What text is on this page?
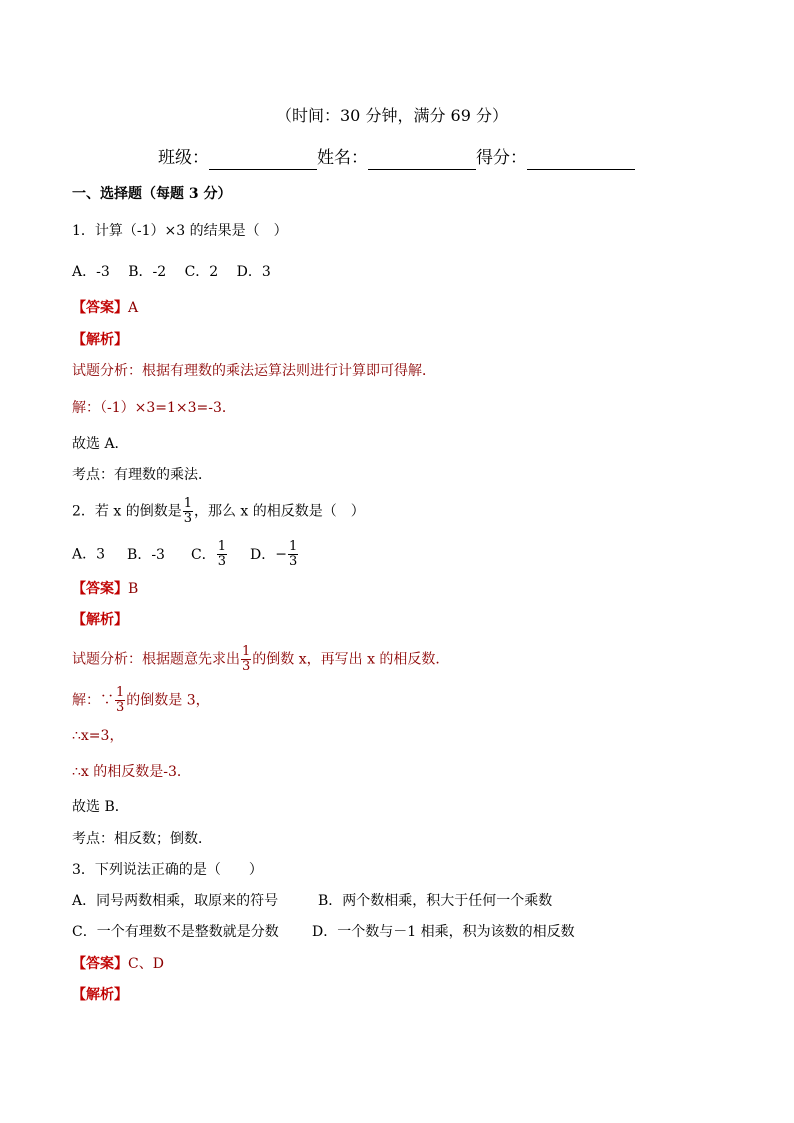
（时间：30 分钟，满分 69 分）
班级：	姓名：	得分：
一、选择题（每题 3 分）
1．计算（-1）×3 的结果是（　）
A．-3　 B．-2　 C．2　 D．3
【答案】A
【解析】
试题分析：根据有理数的乘法运算法则进行计算即可得解．
解：（-1）×3=1×3=-3．
故选 A．
考点：有理数的乘法．
2．若 x 的倒数是 $\frac{1}{3}$ ，那么 x 的相反数是（　）
A．3 B．-3 C． $\frac{1}{3}$ D．− $\frac{1}{3}$
【答案】B
【解析】
试题分析：根据题意先求出 $\frac{1}{3}$ 的倒数 x，再写出 x 的相反数．
解：∵ $\frac{1}{3}$ 的倒数是 3，
∴x=3，
∴x 的相反数是-3．
故选 B．
考点：相反数；倒数．
3．下列说法正确的是（　　）
A．同号两数相乘，取原来的符号	B．两个数相乘，积大于任何一个乘数
C．一个有理数不是整数就是分数 D．一个数与－1 相乘，积为该数的相反数
【答案】C、D
【解析】
